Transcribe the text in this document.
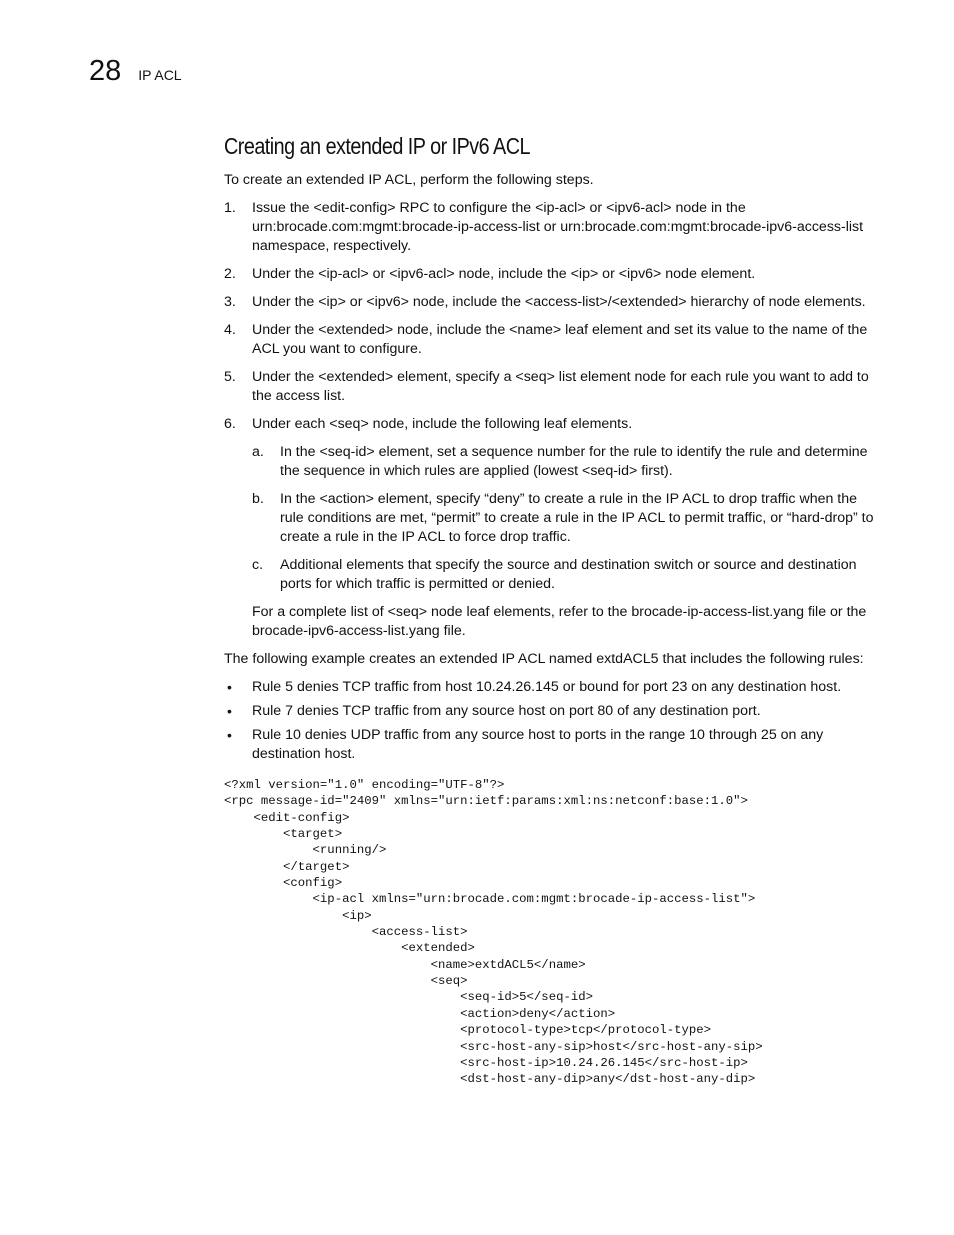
28 IP ACL
Creating an extended IP or IPv6 ACL

To create an extended IP ACL, perform the following steps.

1. Issue the <edit-config> RPC to configure the <ip-acl> or <ipv6-acl> node in the urn:brocade.com:mgmt:brocade-ip-access-list or urn:brocade.com:mgmt:brocade-ipv6-access-list namespace, respectively.
2. Under the <ip-acl> or <ipv6-acl> node, include the <ip> or <ipv6> node element.
3. Under the <ip> or <ipv6> node, include the <access-list>/<extended> hierarchy of node elements.
4. Under the <extended> node, include the <name> leaf element and set its value to the name of the ACL you want to configure.
5. Under the <extended> element, specify a <seq> list element node for each rule you want to add to the access list.
6. Under each <seq> node, include the following leaf elements.
a. In the <seq-id> element, set a sequence number for the rule to identify the rule and determine the sequence in which rules are applied (lowest <seq-id> first).
b. In the <action> element, specify “deny” to create a rule in the IP ACL to drop traffic when the rule conditions are met, “permit” to create a rule in the IP ACL to permit traffic, or “hard-drop” to create a rule in the IP ACL to force drop traffic.
c. Additional elements that specify the source and destination switch or source and destination ports for which traffic is permitted or denied.

For a complete list of <seq> node leaf elements, refer to the brocade-ip-access-list.yang file or the brocade-ipv6-access-list.yang file.

The following example creates an extended IP ACL named extdACL5 that includes the following rules:

• Rule 5 denies TCP traffic from host 10.24.26.145 or bound for port 23 on any destination host.
• Rule 7 denies TCP traffic from any source host on port 80 of any destination port.
• Rule 10 denies UDP traffic from any source host to ports in the range 10 through 25 on any destination host.
<?xml version="1.0" encoding="UTF-8"?>
<rpc message-id="2409" xmlns="urn:ietf:params:xml:ns:netconf:base:1.0">
<edit-config>
<target>
<running/>
</target>
<config>
<ip-acl xmlns="urn:brocade.com:mgmt:brocade-ip-access-list">
<ip>
<access-list>
<extended>
<name>extdACL5</name>
<seq>
<seq-id>5</seq-id>
<action>deny</action>
<protocol-type>tcp</protocol-type>
<src-host-any-sip>host</src-host-any-sip>
<src-host-ip>10.24.26.145</src-host-ip>
<dst-host-any-dip>any</dst-host-any-dip>
